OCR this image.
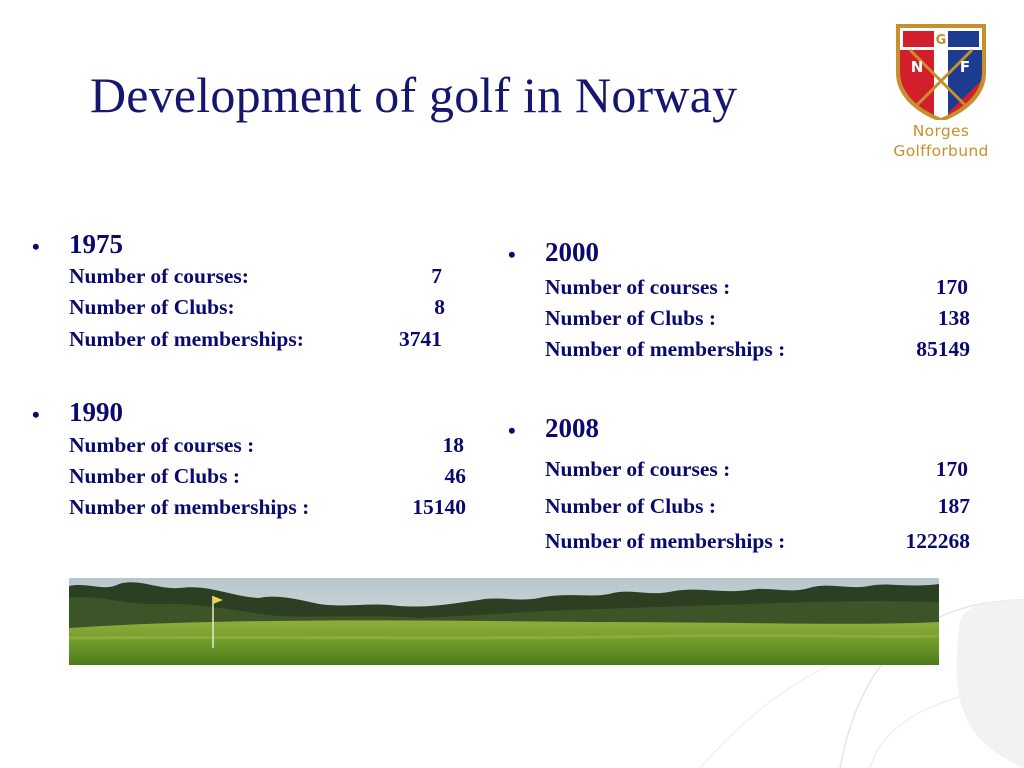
Development of golf in Norway
G
N F
Norges
Golfforbund
• 1975
Number of courses:	7
Number of Clubs:	8
Number of memberships:	3741
• 1990
Number of courses :	18
Number of Clubs :	46
Number of memberships :	15140
• 2000
Number of courses :	170
Number of Clubs :	138
Number of memberships :	85149
• 2008
Number of courses :	170
Number of Clubs :	187
Number of memberships :	122268
